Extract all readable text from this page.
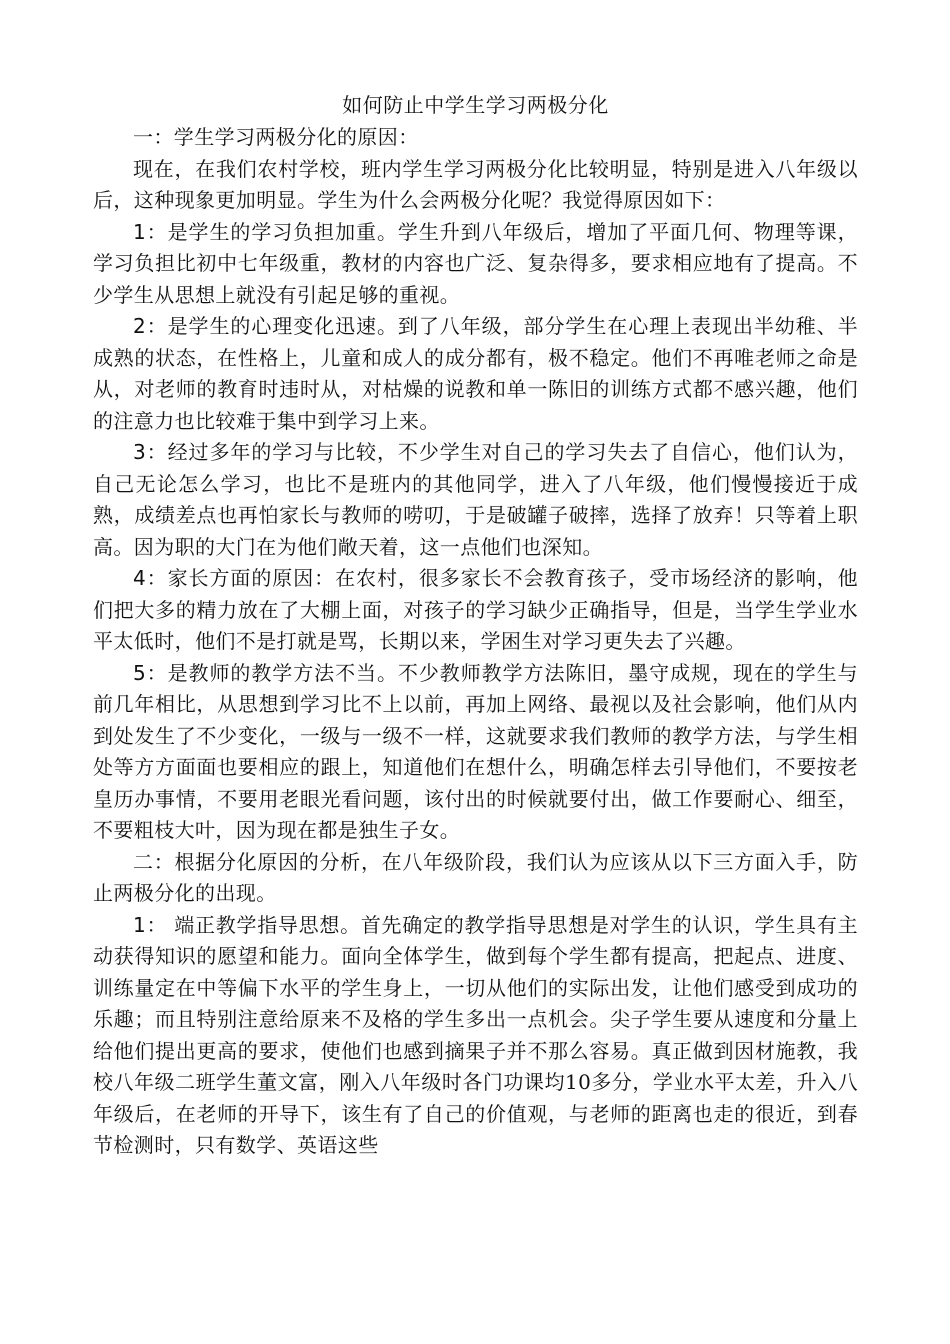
如何防止中学生学习两极分化

一：学生学习两极分化的原因：

现在，在我们农村学校，班内学生学习两极分化比较明显，特别是进入八年级以后，这种现象更加明显。学生为什么会两极分化呢？我觉得原因如下：

1：是学生的学习负担加重。学生升到八年级后，增加了平面几何、物理等课，学习负担比初中七年级重，教材的内容也广泛、复杂得多，要求相应地有了提高。不少学生从思想上就没有引起足够的重视。

2：是学生的心理变化迅速。到了八年级，部分学生在心理上表现出半幼稚、半成熟的状态，在性格上，儿童和成人的成分都有，极不稳定。他们不再唯老师之命是从，对老师的教育时违时从，对枯燥的说教和单一陈旧的训练方式都不感兴趣，他们的注意力也比较难于集中到学习上来。

3：经过多年的学习与比较，不少学生对自己的学习失去了自信心，他们认为，自己无论怎么学习，也比不是班内的其他同学，进入了八年级，他们慢慢接近于成熟，成绩差点也再怕家长与教师的唠叨，于是破罐子破摔，选择了放弃！只等着上职高。因为职的大门在为他们敞天着，这一点他们也深知。

4：家长方面的原因：在农村，很多家长不会教育孩子，受市场经济的影响，他们把大多的精力放在了大棚上面，对孩子的学习缺少正确指导，但是，当学生学业水平太低时，他们不是打就是骂，长期以来，学困生对学习更失去了兴趣。

5：是教师的教学方法不当。不少教师教学方法陈旧，墨守成规，现在的学生与前几年相比，从思想到学习比不上以前，再加上网络、最视以及社会影响，他们从内到处发生了不少变化，一级与一级不一样，这就要求我们教师的教学方法，与学生相处等方方面面也要相应的跟上，知道他们在想什么，明确怎样去引导他们，不要按老皇历办事情，不要用老眼光看问题，该付出的时候就要付出，做工作要耐心、细至，不要粗枝大叶，因为现在都是独生子女。

二：根据分化原因的分析，在八年级阶段，我们认为应该从以下三方面入手，防止两极分化的出现。

1： 端正教学指导思想。首先确定的教学指导思想是对学生的认识，学生具有主动获得知识的愿望和能力。面向全体学生，做到每个学生都有提高，把起点、进度、训练量定在中等偏下水平的学生身上，一切从他们的实际出发，让他们感受到成功的乐趣；而且特别注意给原来不及格的学生多出一点机会。尖子学生要从速度和分量上给他们提出更高的要求，使他们也感到摘果子并不那么容易。真正做到因材施教，我校八年级二班学生董文富，刚入八年级时各门功课均10多分，学业水平太差，升入八年级后，在老师的开导下，该生有了自己的价值观，与老师的距离也走的很近，到春节检测时，只有数学、英语这些
